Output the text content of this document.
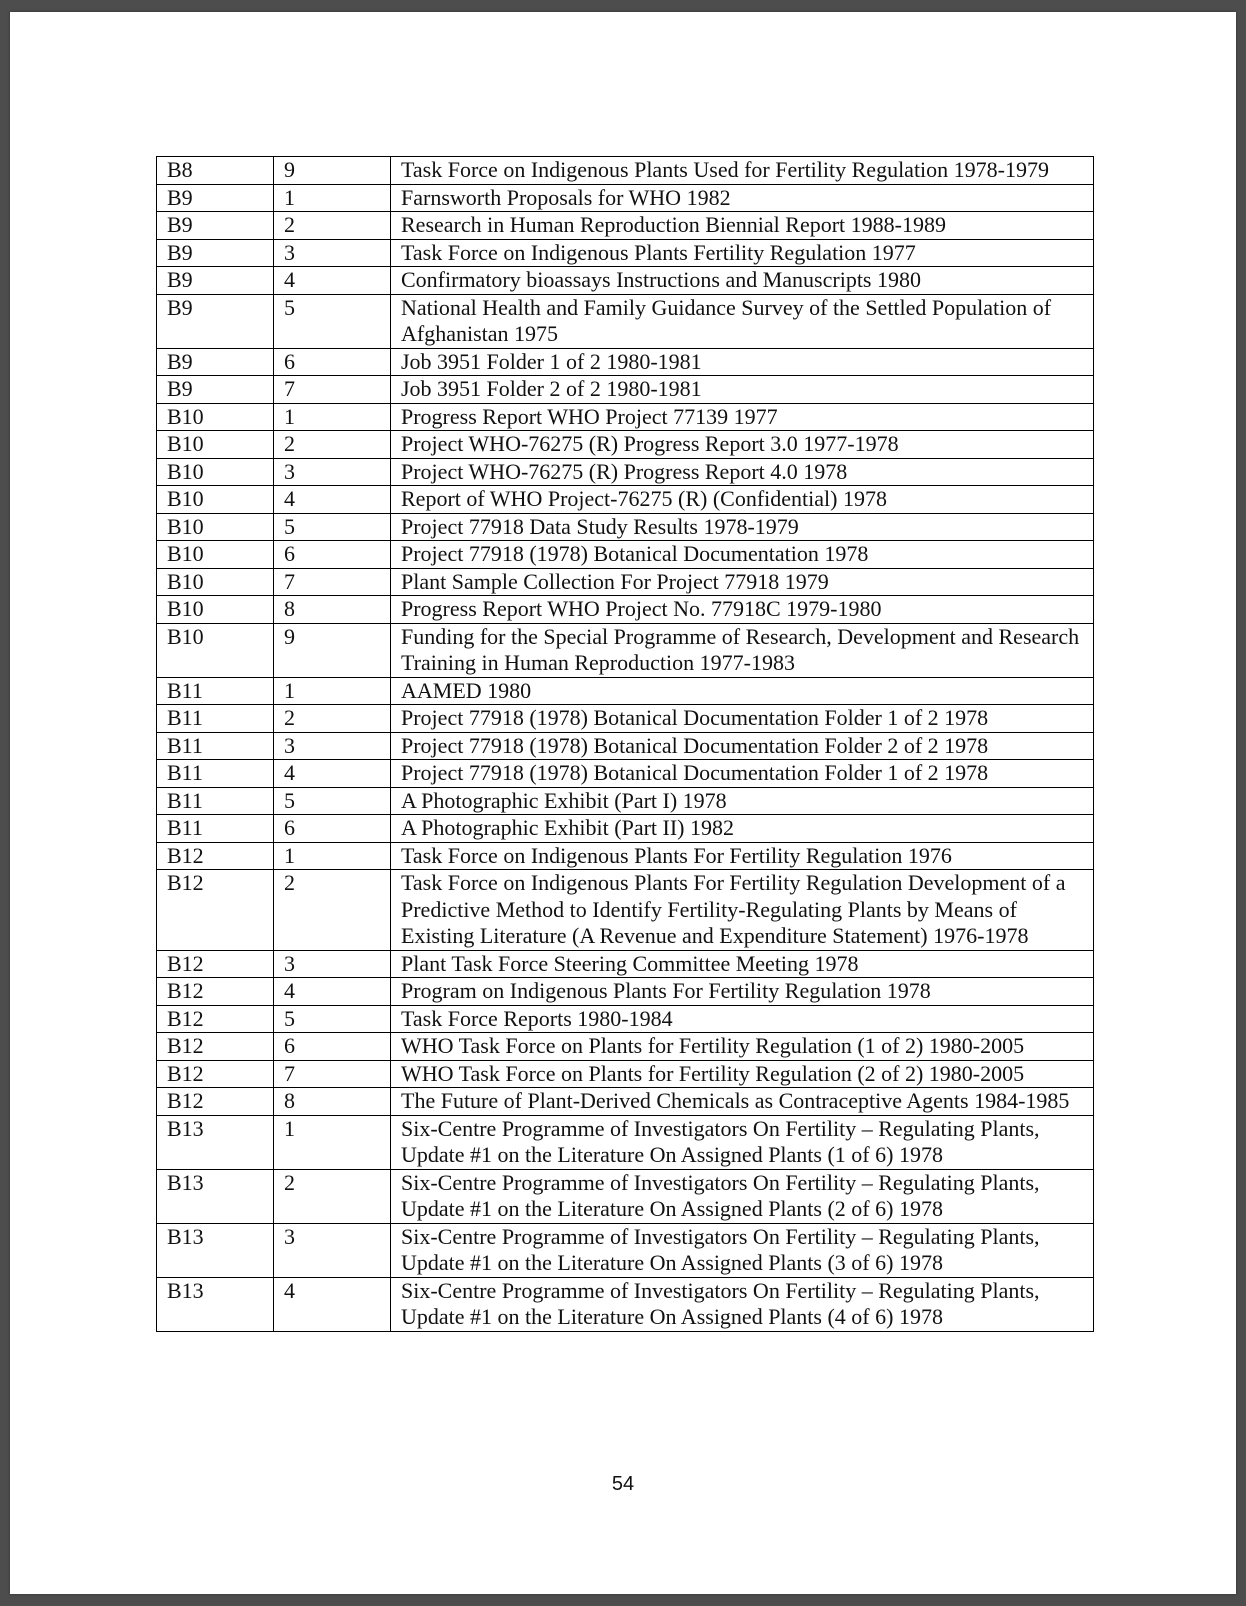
B8	9	Task Force on Indigenous Plants Used for Fertility Regulation 1978-1979
B9	1	Farnsworth Proposals for WHO 1982
B9	2	Research in Human Reproduction Biennial Report 1988-1989
B9	3	Task Force on Indigenous Plants Fertility Regulation 1977
B9	4	Confirmatory bioassays Instructions and Manuscripts 1980
B9	5	National Health and Family Guidance Survey of the Settled Population of Afghanistan 1975
B9	6	Job 3951 Folder 1 of 2 1980-1981
B9	7	Job 3951 Folder 2 of 2 1980-1981
B10	1	Progress Report WHO Project 77139 1977
B10	2	Project WHO-76275 (R) Progress Report 3.0 1977-1978
B10	3	Project WHO-76275 (R) Progress Report 4.0 1978
B10	4	Report of WHO Project-76275 (R) (Confidential) 1978
B10	5	Project 77918 Data Study Results 1978-1979
B10	6	Project 77918 (1978) Botanical Documentation 1978
B10	7	Plant Sample Collection For Project 77918 1979
B10	8	Progress Report WHO Project No. 77918C 1979-1980
B10	9	Funding for the Special Programme of Research, Development and Research Training in Human Reproduction 1977-1983
B11	1	AAMED 1980
B11	2	Project 77918 (1978) Botanical Documentation Folder 1 of 2 1978
B11	3	Project 77918 (1978) Botanical Documentation Folder 2 of 2 1978
B11	4	Project 77918 (1978) Botanical Documentation Folder 1 of 2 1978
B11	5	A Photographic Exhibit (Part I) 1978
B11	6	A Photographic Exhibit (Part II) 1982
B12	1	Task Force on Indigenous Plants For Fertility Regulation 1976
B12	2	Task Force on Indigenous Plants For Fertility Regulation Development of a Predictive Method to Identify Fertility-Regulating Plants by Means of Existing Literature (A Revenue and Expenditure Statement) 1976-1978
B12	3	Plant Task Force Steering Committee Meeting 1978
B12	4	Program on Indigenous Plants For Fertility Regulation 1978
B12	5	Task Force Reports 1980-1984
B12	6	WHO Task Force on Plants for Fertility Regulation (1 of 2) 1980-2005
B12	7	WHO Task Force on Plants for Fertility Regulation (2 of 2) 1980-2005
B12	8	The Future of Plant-Derived Chemicals as Contraceptive Agents 1984-1985
B13	1	Six-Centre Programme of Investigators On Fertility – Regulating Plants, Update #1 on the Literature On Assigned Plants (1 of 6) 1978
B13	2	Six-Centre Programme of Investigators On Fertility – Regulating Plants, Update #1 on the Literature On Assigned Plants (2 of 6) 1978
B13	3	Six-Centre Programme of Investigators On Fertility – Regulating Plants, Update #1 on the Literature On Assigned Plants (3 of 6) 1978
B13	4	Six-Centre Programme of Investigators On Fertility – Regulating Plants, Update #1 on the Literature On Assigned Plants (4 of 6) 1978
54
